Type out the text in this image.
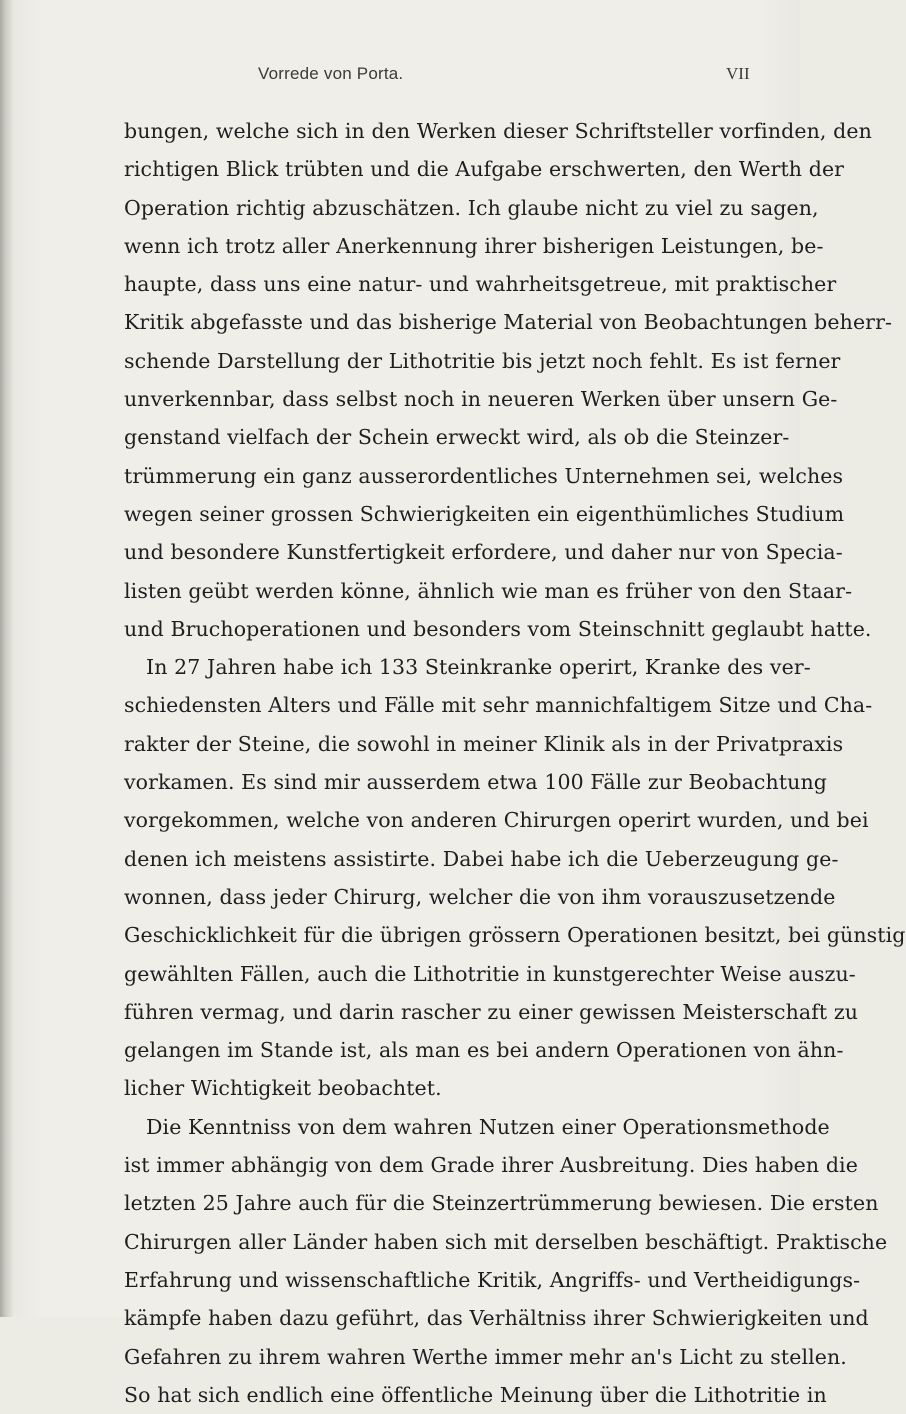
Vorrede von Porta.	VII
bungen, welche sich in den Werken dieser Schriftsteller vorfinden, den
richtigen Blick trübten und die Aufgabe erschwerten, den Werth der
Operation richtig abzuschätzen. Ich glaube nicht zu viel zu sagen,
wenn ich trotz aller Anerkennung ihrer bisherigen Leistungen, be-
haupte, dass uns eine natur- und wahrheitsgetreue, mit praktischer
Kritik abgefasste und das bisherige Material von Beobachtungen beherr-
schende Darstellung der Lithotritie bis jetzt noch fehlt. Es ist ferner
unverkennbar, dass selbst noch in neueren Werken über unsern Ge-
genstand vielfach der Schein erweckt wird, als ob die Steinzer-
trümmerung ein ganz ausserordentliches Unternehmen sei, welches
wegen seiner grossen Schwierigkeiten ein eigenthümliches Studium
und besondere Kunstfertigkeit erfordere, und daher nur von Specia-
listen geübt werden könne, ähnlich wie man es früher von den Staar-
und Bruchoperationen und besonders vom Steinschnitt geglaubt hatte.
In 27 Jahren habe ich 133 Steinkranke operirt, Kranke des ver-
schiedensten Alters und Fälle mit sehr mannichfaltigem Sitze und Cha-
rakter der Steine, die sowohl in meiner Klinik als in der Privatpraxis
vorkamen. Es sind mir ausserdem etwa 100 Fälle zur Beobachtung
vorgekommen, welche von anderen Chirurgen operirt wurden, und bei
denen ich meistens assistirte. Dabei habe ich die Ueberzeugung ge-
wonnen, dass jeder Chirurg, welcher die von ihm vorauszusetzende
Geschicklichkeit für die übrigen grössern Operationen besitzt, bei günstig
gewählten Fällen, auch die Lithotritie in kunstgerechter Weise auszu-
führen vermag, und darin rascher zu einer gewissen Meisterschaft zu
gelangen im Stande ist, als man es bei andern Operationen von ähn-
licher Wichtigkeit beobachtet.
Die Kenntniss von dem wahren Nutzen einer Operationsmethode
ist immer abhängig von dem Grade ihrer Ausbreitung. Dies haben die
letzten 25 Jahre auch für die Steinzertrümmerung bewiesen. Die ersten
Chirurgen aller Länder haben sich mit derselben beschäftigt. Praktische
Erfahrung und wissenschaftliche Kritik, Angriffs- und Vertheidigungs-
kämpfe haben dazu geführt, das Verhältniss ihrer Schwierigkeiten und
Gefahren zu ihrem wahren Werthe immer mehr an's Licht zu stellen.
So hat sich endlich eine öffentliche Meinung über die Lithotritie in
